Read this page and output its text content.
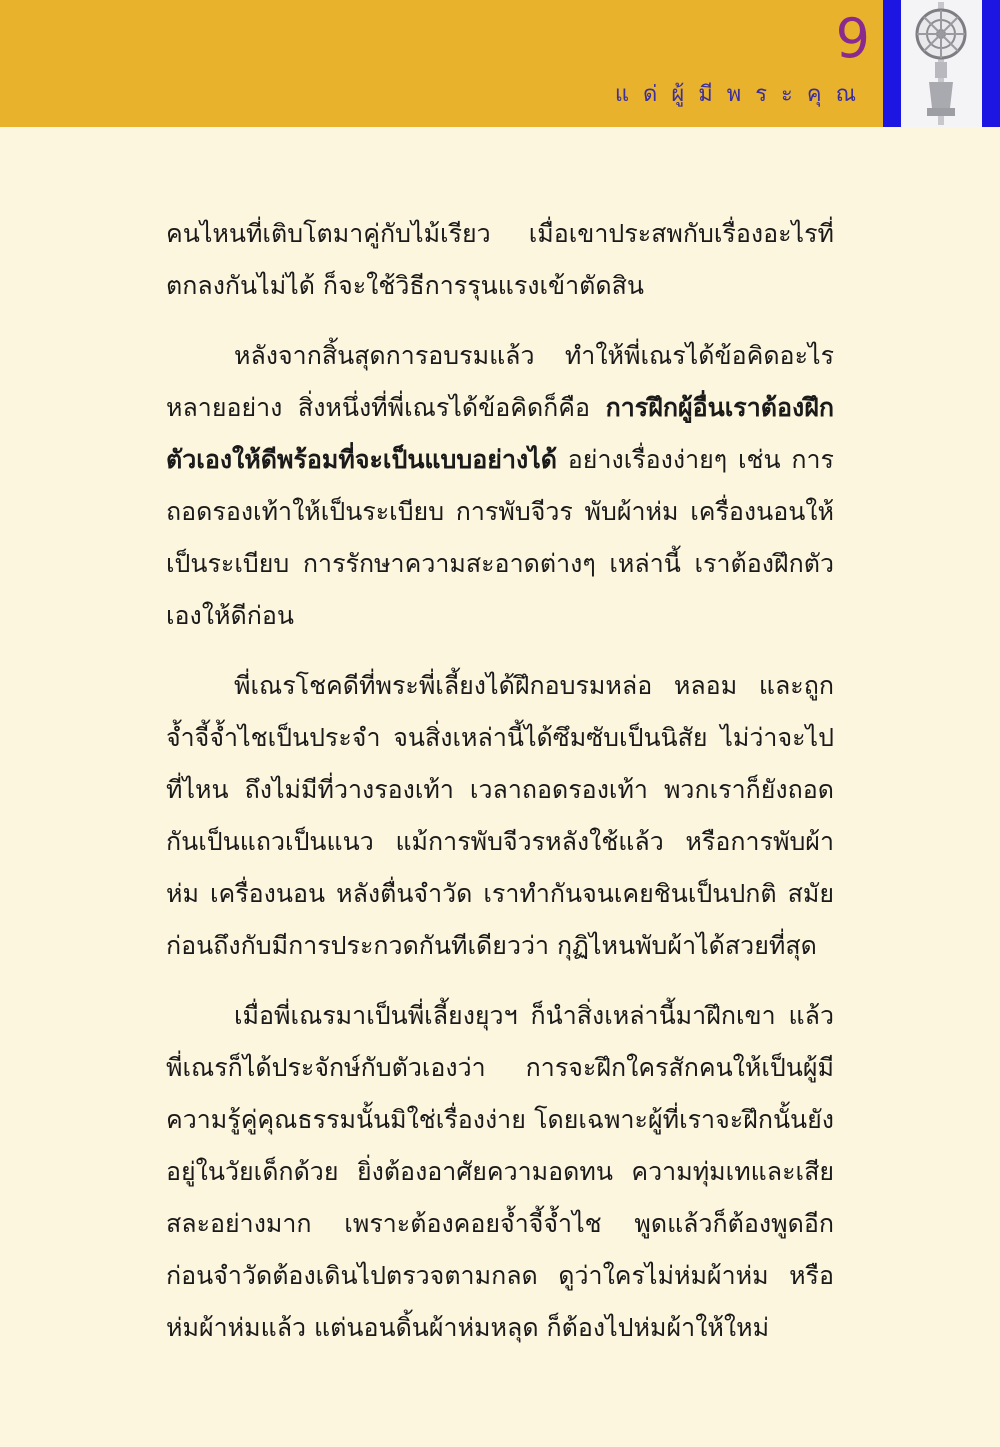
9
แด่ผู้มีพระคุณ

คนไหนที่เติบโตมาคู่กับไม้เรียว เมื่อเขาประสพกับเรื่องอะไรที่ตกลงกันไม่ได้ ก็จะใช้วิธีการรุนแรงเข้าตัดสิน

หลังจากสิ้นสุดการอบรมแล้ว ทำให้พี่เณรได้ข้อคิดอะไรหลายอย่าง สิ่งหนึ่งที่พี่เณรได้ข้อคิดก็คือ การฝึกผู้อื่นเราต้องฝึกตัวเองให้ดีพร้อมที่จะเป็นแบบอย่างได้ อย่างเรื่องง่ายๆ เช่น การถอดรองเท้าให้เป็นระเบียบ การพับจีวร พับผ้าห่ม เครื่องนอนให้เป็นระเบียบ การรักษาความสะอาดต่างๆ เหล่านี้ เราต้องฝึกตัวเองให้ดีก่อน

พี่เณรโชคดีที่พระพี่เลี้ยงได้ฝึกอบรมหล่อ หลอม และถูกจ้ำจี้จ้ำไชเป็นประจำ จนสิ่งเหล่านี้ได้ซึมซับเป็นนิสัย ไม่ว่าจะไปที่ไหน ถึงไม่มีที่วางรองเท้า เวลาถอดรองเท้า พวกเราก็ยังถอดกันเป็นแถวเป็นแนว แม้การพับจีวรหลังใช้แล้ว หรือการพับผ้าห่ม เครื่องนอน หลังตื่นจำวัด เราทำกันจนเคยชินเป็นปกติ สมัยก่อนถึงกับมีการประกวดกันทีเดียวว่า กุฏิไหนพับผ้าได้สวยที่สุด

เมื่อพี่เณรมาเป็นพี่เลี้ยงยุวฯ ก็นำสิ่งเหล่านี้มาฝึกเขา แล้วพี่เณรก็ได้ประจักษ์กับตัวเองว่า การจะฝึกใครสักคนให้เป็นผู้มีความรู้คู่คุณธรรมนั้นมิใช่เรื่องง่าย โดยเฉพาะผู้ที่เราจะฝึกนั้นยังอยู่ในวัยเด็กด้วย ยิ่งต้องอาศัยความอดทน ความทุ่มเทและเสียสละอย่างมาก เพราะต้องคอยจ้ำจี้จ้ำไช พูดแล้วก็ต้องพูดอีก ก่อนจำวัดต้องเดินไปตรวจตามกลด ดูว่าใครไม่ห่มผ้าห่ม หรือห่มผ้าห่มแล้ว แต่นอนดิ้นผ้าห่มหลุด ก็ต้องไปห่มผ้าให้ใหม่
